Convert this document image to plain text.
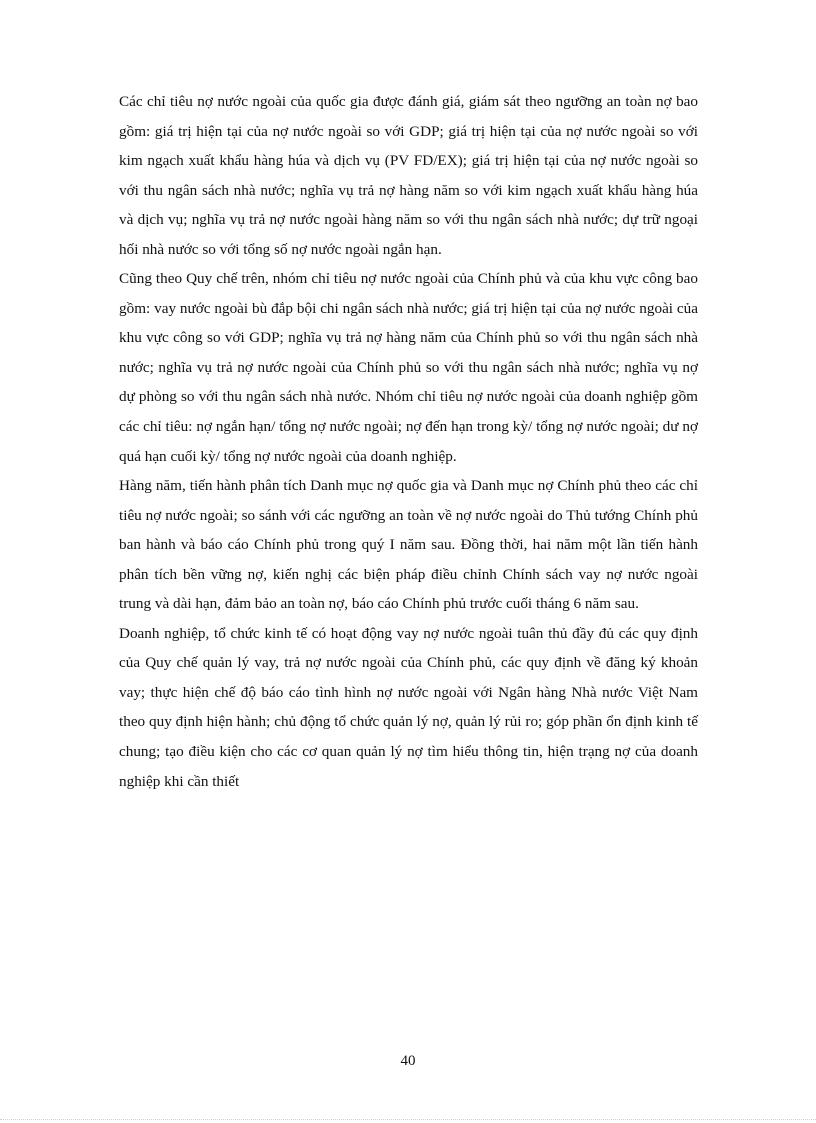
Các chỉ tiêu nợ nước ngoài của quốc gia được đánh giá, giám sát theo ngưỡng an toàn nợ bao gồm: giá trị hiện tại của nợ nước ngoài so với GDP; giá trị hiện tại của nợ nước ngoài so với kim ngạch xuất khẩu hàng húa và dịch vụ (PV FD/EX); giá trị hiện tại của nợ nước ngoài so với thu ngân sách nhà nước; nghĩa vụ trả nợ hàng năm so với kim ngạch xuất khẩu hàng húa và dịch vụ; nghĩa vụ trả nợ nước ngoài hàng năm so với thu ngân sách nhà nước; dự trữ ngoại hối nhà nước so với tổng số nợ nước ngoài ngắn hạn.

Cũng theo Quy chế trên, nhóm chỉ tiêu nợ nước ngoài của Chính phủ và của khu vực công bao gồm: vay nước ngoài bù đắp bội chi ngân sách nhà nước; giá trị hiện tại của nợ nước ngoài của khu vực công so với GDP; nghĩa vụ trả nợ hàng năm của Chính phủ so với thu ngân sách nhà nước; nghĩa vụ trả nợ nước ngoài của Chính phủ so với thu ngân sách nhà nước; nghĩa vụ nợ dự phòng so với thu ngân sách nhà nước. Nhóm chỉ tiêu nợ nước ngoài của doanh nghiệp gồm các chỉ tiêu: nợ ngắn hạn/ tổng nợ nước ngoài; nợ đến hạn trong kỳ/ tổng nợ nước ngoài; dư nợ quá hạn cuối kỳ/ tổng nợ nước ngoài của doanh nghiệp.

Hàng năm, tiến hành phân tích Danh mục nợ quốc gia và Danh mục nợ Chính phủ theo các chỉ tiêu nợ nước ngoài; so sánh với các ngưỡng an toàn về nợ nước ngoài do Thủ tướng Chính phủ ban hành và báo cáo Chính phủ trong quý I năm sau. Đồng thời, hai năm một lần tiến hành phân tích bền vững nợ, kiến nghị các biện pháp điều chỉnh Chính sách vay nợ nước ngoài trung và dài hạn, đảm bảo an toàn nợ, báo cáo Chính phủ trước cuối tháng 6 năm sau.

Doanh nghiệp, tổ chức kinh tế có hoạt động vay nợ nước ngoài tuân thủ đầy đủ các quy định của Quy chế quản lý vay, trả nợ nước ngoài của Chính phủ, các quy định về đăng ký khoản vay; thực hiện chế độ báo cáo tình hình nợ nước ngoài với Ngân hàng Nhà nước Việt Nam theo quy định hiện hành; chủ động tổ chức quản lý nợ, quản lý rủi ro; góp phần ổn định kinh tế chung; tạo điều kiện cho các cơ quan quản lý nợ tìm hiểu thông tin, hiện trạng nợ của doanh nghiệp khi cần thiết

40
